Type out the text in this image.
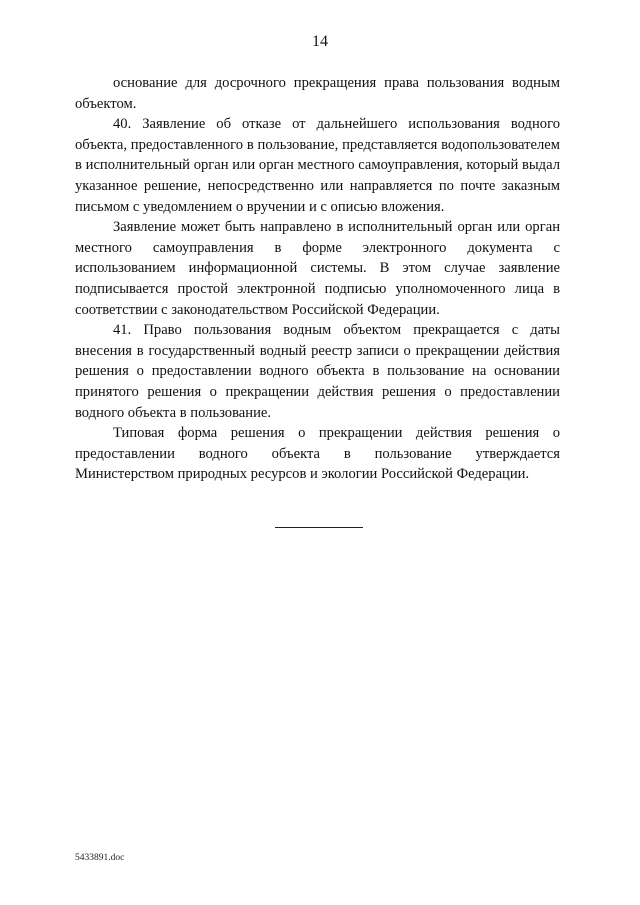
14

основание для досрочного прекращения права пользования водным объектом.

40. Заявление об отказе от дальнейшего использования водного объекта, предоставленного в пользование, представляется водопользователем в исполнительный орган или орган местного самоуправления, который выдал указанное решение, непосредственно или направляется по почте заказным письмом с уведомлением о вручении и с описью вложения.

Заявление может быть направлено в исполнительный орган или орган местного самоуправления в форме электронного документа с использованием информационной системы. В этом случае заявление подписывается простой электронной подписью уполномоченного лица в соответствии с законодательством Российской Федерации.

41. Право пользования водным объектом прекращается с даты внесения в государственный водный реестр записи о прекращении действия решения о предоставлении водного объекта в пользование на основании принятого решения о прекращении действия решения о предоставлении водного объекта в пользование.

Типовая форма решения о прекращении действия решения о предоставлении водного объекта в пользование утверждается Министерством природных ресурсов и экологии Российской Федерации.

5433891.doc
